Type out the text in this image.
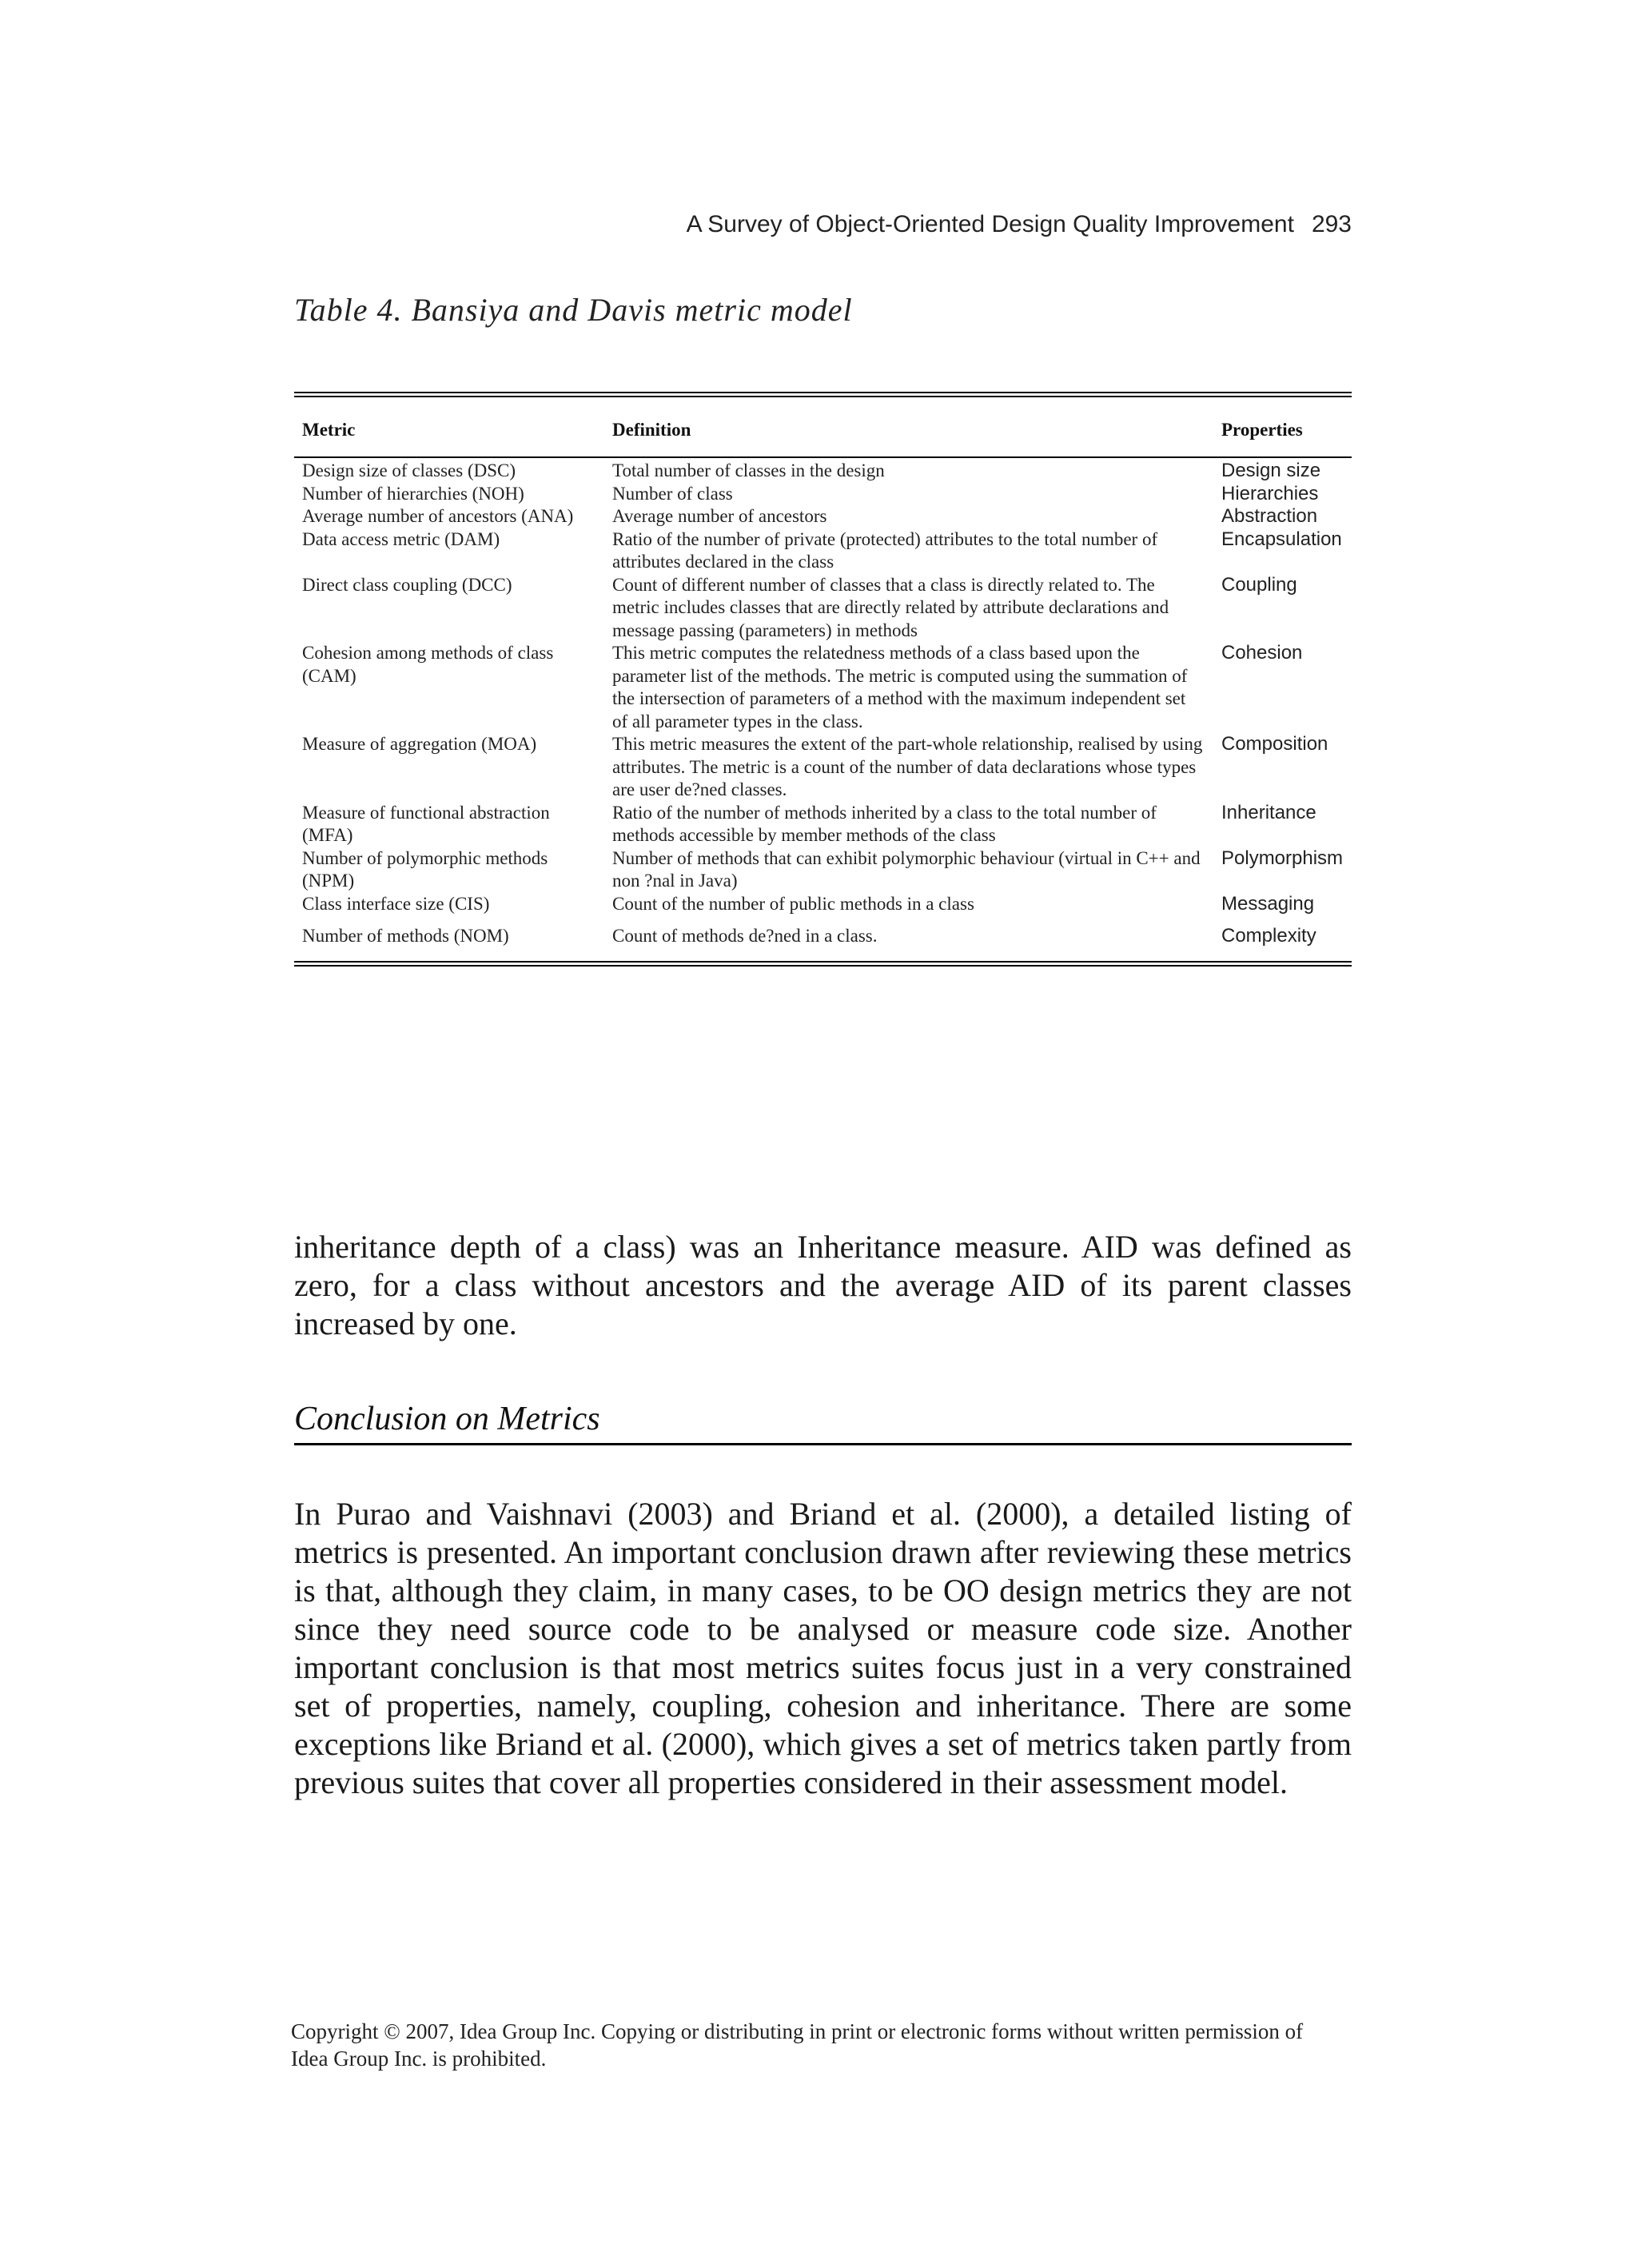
A Survey of Object-Oriented Design Quality Improvement 293
Table 4. Bansiya and Davis metric model
Metric	Definition	Properties
Design size of classes (DSC)	Total number of classes in the design	Design size
Number of hierarchies (NOH)	Number of class	Hierarchies
Average number of ancestors (ANA)	Average number of ancestors	Abstraction
Data access metric (DAM)	Ratio of the number of private (protected) attributes to the total number of attributes declared in the class	Encapsulation
Direct class coupling (DCC)	Count of different number of classes that a class is directly related to. The metric includes classes that are directly related by attribute declarations and message passing (parameters) in methods	Coupling
Cohesion among methods of class (CAM)	This metric computes the relatedness methods of a class based upon the parameter list of the methods. The metric is computed using the summation of the intersection of parameters of a method with the maximum independent set of all parameter types in the class.	Cohesion
Measure of aggregation (MOA)	This metric measures the extent of the part-whole relationship, realised by using attributes. The metric is a count of the number of data declarations whose types are user de?ned classes.	Composition
Measure of functional abstraction (MFA)	Ratio of the number of methods inherited by a class to the total number of methods accessible by member methods of the class	Inheritance
Number of polymorphic methods (NPM)	Number of methods that can exhibit polymorphic behaviour (virtual in C++ and non ?nal in Java)	Polymorphism
Class interface size (CIS)	Count of the number of public methods in a class	Messaging
Number of methods (NOM)	Count of methods de?ned in a class.	Complexity

inheritance depth of a class) was an Inheritance measure. AID was defined as zero, for a class without ancestors and the average AID of its parent classes increased by one.

Conclusion on Metrics

In Purao and Vaishnavi (2003) and Briand et al. (2000), a detailed listing of metrics is presented. An important conclusion drawn after reviewing these metrics is that, although they claim, in many cases, to be OO design metrics they are not since they need source code to be analysed or measure code size. Another important conclusion is that most metrics suites focus just in a very constrained set of properties, namely, coupling, cohesion and inheritance. There are some exceptions like Briand et al. (2000), which gives a set of metrics taken partly from previous suites that cover all properties considered in their assessment model.

Copyright © 2007, Idea Group Inc. Copying or distributing in print or electronic forms without written permission of Idea Group Inc. is prohibited.
